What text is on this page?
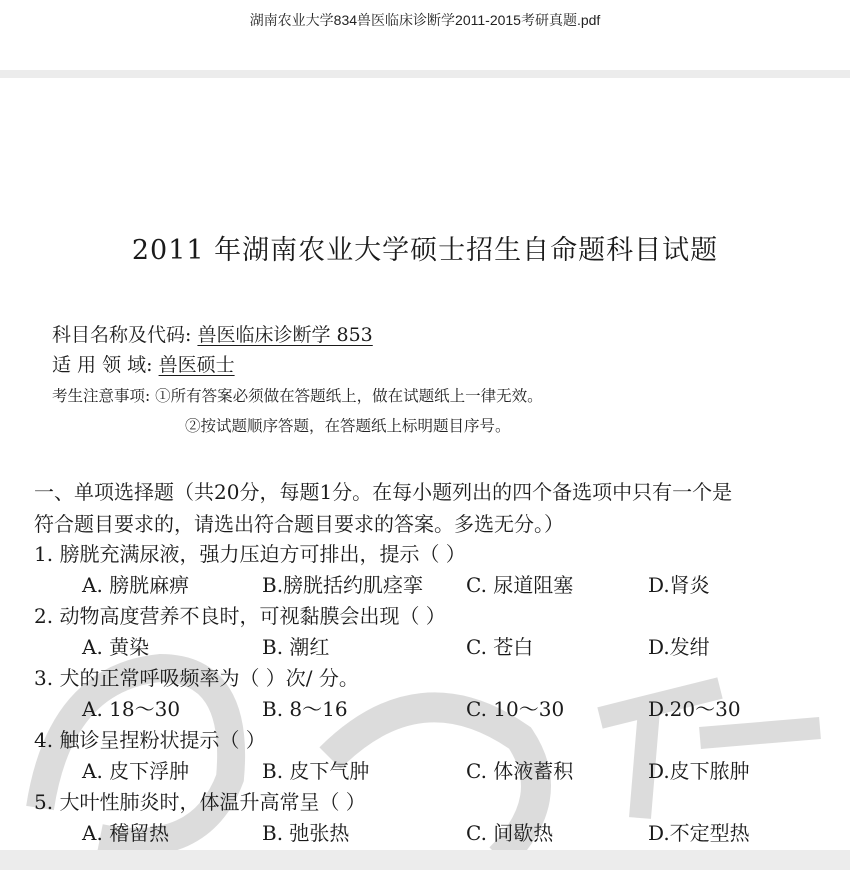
湖南农业大学834兽医临床诊断学2011-2015考研真题.pdf
2011 年湖南农业大学硕士招生自命题科目试题
科目名称及代码: 兽医临床诊断学 853
适 用 领 域: 兽医硕士
考生注意事项: ①所有答案必须做在答题纸上，做在试题纸上一律无效。
②按试题顺序答题，在答题纸上标明题目序号。
一、单项选择题（共20分，每题1分。在每小题列出的四个备选项中只有一个是
符合题目要求的，请选出符合题目要求的答案。多选无分。）
1. 膀胱充满尿液，强力压迫方可排出，提示（ ）
A. 膀胱麻痹	B.膀胱括约肌痉挛 C. 尿道阻塞	D.肾炎
2. 动物高度营养不良时，可视黏膜会出现（ ）
A. 黄染	B. 潮红	C. 苍白	D.发绀
3. 犬的正常呼吸频率为（ ）次/ 分。
A. 18～30	B. 8～16	C. 10～30	D.20～30
4. 触诊呈捏粉状提示（ ）
A. 皮下浮肿	B. 皮下气肿	C. 体液蓄积	D.皮下脓肿
5. 大叶性肺炎时，体温升高常呈（ ）
A. 稽留热	B. 弛张热	C. 间歇热	D.不定型热
